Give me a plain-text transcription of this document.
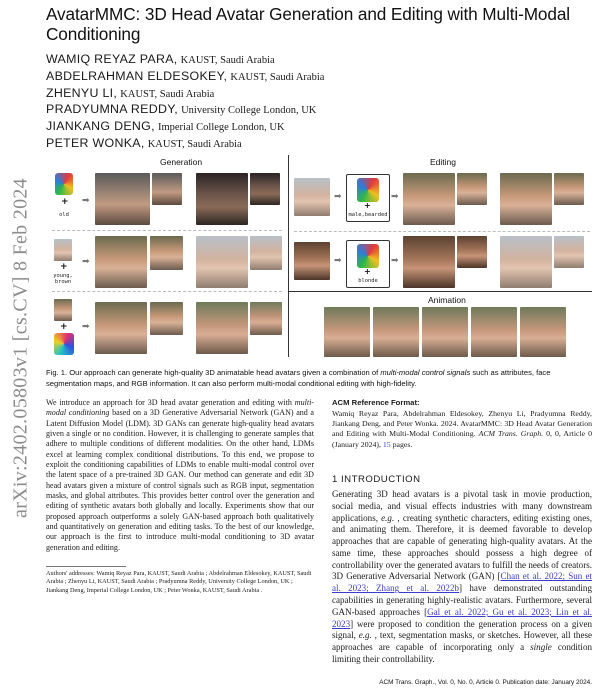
arXiv:2402.05803v1 [cs.CV] 8 Feb 2024
AvatarMMC: 3D Head Avatar Generation and Editing with Multi-Modal Conditioning
WAMIQ REYAZ PARA, KAUST, Saudi Arabia
ABDELRAHMAN ELDESOKEY, KAUST, Saudi Arabia
ZHENYU LI, KAUST, Saudi Arabia
PRADYUMNA REDDY, University College London, UK
JIANKANG DENG, Imperial College London, UK
PETER WONKA, KAUST, Saudi Arabia
Generation	Editing
Animation
+
old
➡
+
young,
brown
➡
+ ➡
➡
+
male,bearded
➡
➡
+
blonde
➡
Fig. 1. Our approach can generate high-quality 3D animatable head avatars given a combination of multi-modal control signals such as attributes, face segmentation maps, and RGB information. It can also perform multi-modal conditional editing with high-fidelity.

We introduce an approach for 3D head avatar generation and editing with multi-modal conditioning based on a 3D Generative Adversarial Network (GAN) and a Latent Diffusion Model (LDM). 3D GANs can generate high-quality head avatars given a single or no condition. However, it is challenging to generate samples that adhere to multiple conditions of different modalities. On the other hand, LDMs excel at learning complex conditional distributions. To this end, we propose to exploit the conditioning capabilities of LDMs to enable multi-modal control over the latent space of a pre-trained 3D GAN. Our method can generate and edit 3D head avatars given a mixture of control signals such as RGB input, segmentation masks, and global attributes. This provides better control over the generation and editing of synthetic avatars both globally and locally. Experiments show that our proposed approach outperforms a solely GAN-based approach both qualitatively and quantitatively on generation and editing tasks. To the best of our knowledge, our approach is the first to introduce multi-modal conditioning to 3D avatar generation and editing.

Authors' addresses: Wamiq Reyaz Para, KAUST, Saudi Arabia ; Abdelrahman Eldesokey, KAUST, Saudi Arabia ; Zhenyu Li, KAUST, Saudi Arabia ; Pradyumna Reddy, University College London, UK ; Jiankang Deng, Imperial College London, UK ; Peter Wonka, KAUST, Saudi Arabia .
ACM Reference Format:

Wamiq Reyaz Para, Abdelrahman Eldesokey, Zhenyu Li, Pradyumna Reddy, Jiankang Deng, and Peter Wonka. 2024. AvatarMMC: 3D Head Avatar Generation and Editing with Multi-Modal Conditioning. ACM Trans. Graph. 0, 0, Article 0 (January 2024), 15 pages.

1 INTRODUCTION

Generating 3D head avatars is a pivotal task in movie production, social media, and visual effects industries with many downstream applications, e.g. , creating synthetic characters, editing existing ones, and animating them. Therefore, it is deemed favorable to develop approaches that are capable of generating high-quality avatars. At the same time, these approaches should possess a high degree of controllability over the generated avatars to fulfill the needs of creators. 3D Generative Adversarial Network (GAN) [Chan et al. 2022; Sun et al. 2023; Zhang et al. 2022b] have demonstrated outstanding capabilities in generating highly-realistic avatars. Furthermore, several GAN-based approaches [Gal et al. 2022; Gu et al. 2023; Lin et al. 2023] were proposed to condition the generation process on a given signal, e.g. , text, segmentation masks, or sketches. However, all these approaches are capable of incorporating only a single condition limiting their controllability.

ACM Trans. Graph., Vol. 0, No. 0, Article 0. Publication date: January 2024.
